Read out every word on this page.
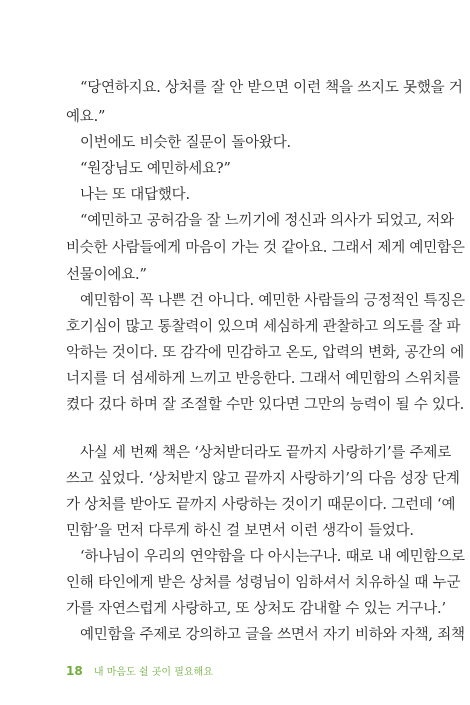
“당연하지요. 상처를 잘 안 받으면 이런 책을 쓰지도 못했을 거
예요.”
이번에도 비슷한 질문이 돌아왔다.
“원장님도 예민하세요?”
나는 또 대답했다.
“예민하고 공허감을 잘 느끼기에 정신과 의사가 되었고, 저와
비슷한 사람들에게 마음이 가는 것 같아요. 그래서 제게 예민함은
선물이에요.”
예민함이 꼭 나쁜 건 아니다. 예민한 사람들의 긍정적인 특징은
호기심이 많고 통찰력이 있으며 세심하게 관찰하고 의도를 잘 파
악하는 것이다. 또 감각에 민감하고 온도, 압력의 변화, 공간의 에
너지를 더 섬세하게 느끼고 반응한다. 그래서 예민함의 스위치를
켰다 겄다 하며 잘 조절할 수만 있다면 그만의 능력이 될 수 있다.
사실 세 번째 책은 ‘상처받더라도 끝까지 사랑하기’를 주제로
쓰고 싶었다. ‘상처받지 않고 끝까지 사랑하기’의 다음 성장 단계
가 상처를 받아도 끝까지 사랑하는 것이기 때문이다. 그런데 ‘예
민함’을 먼저 다루게 하신 걸 보면서 이런 생각이 들었다.
‘하나님이 우리의 연약함을 다 아시는구나. 때로 내 예민함으로
인해 타인에게 받은 상처를 성령님이 임하셔서 치유하실 때 누군
가를 자연스럽게 사랑하고, 또 상처도 감내할 수 있는 거구나.’
예민함을 주제로 강의하고 글을 쓰면서 자기 비하와 자책, 죄책
18 내 마음도 쉴 곳이 필요해요
